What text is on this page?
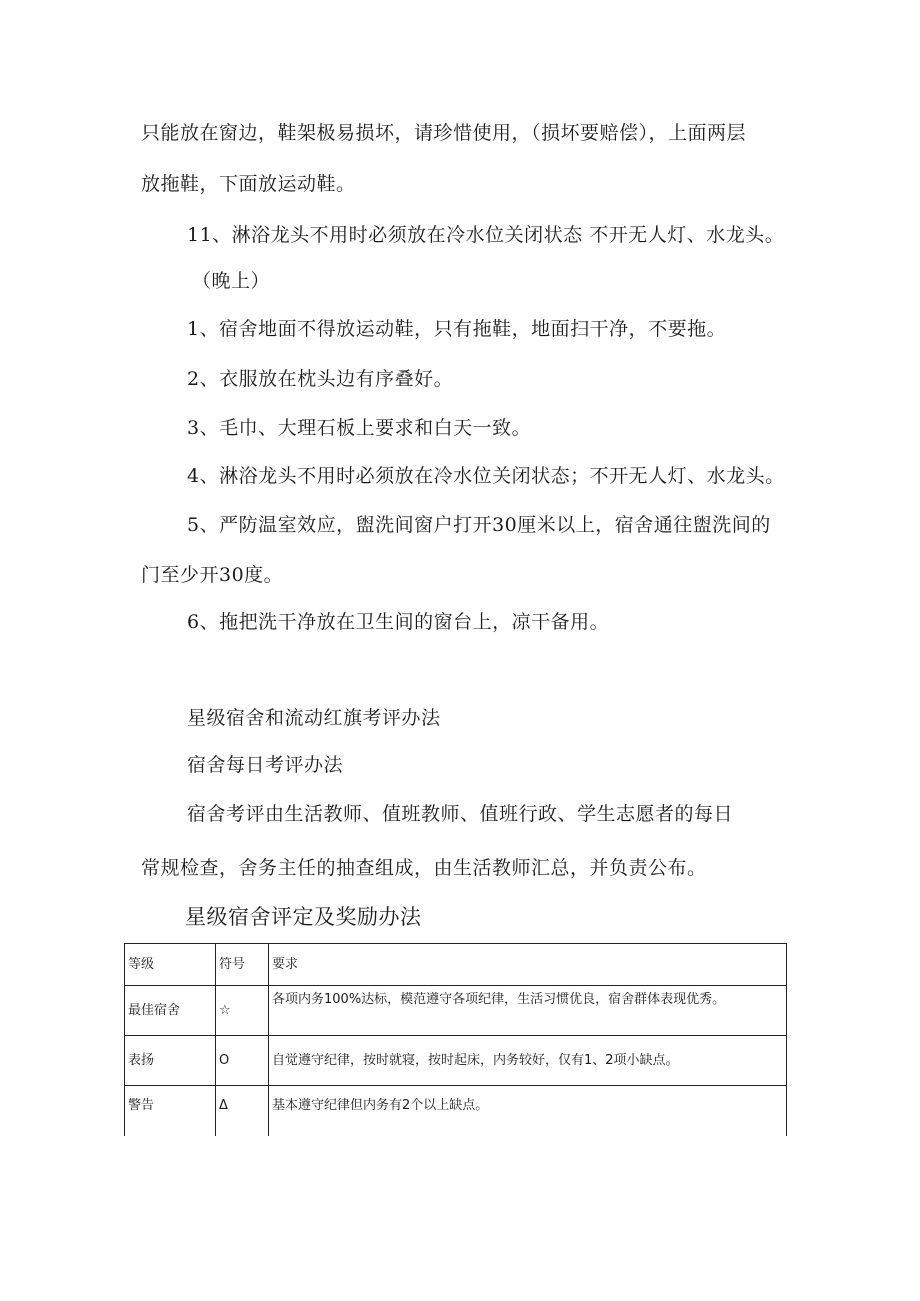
只能放在窗边，鞋架极易损坏，请珍惜使用，（损坏要赔偿），上面两层
放拖鞋，下面放运动鞋。
11、淋浴龙头不用时必须放在冷水位关闭状态 不开无人灯、水龙头。
（晚上）
1、宿舍地面不得放运动鞋，只有拖鞋，地面扫干净，不要拖。
2、衣服放在枕头边有序叠好。
3、毛巾、大理石板上要求和白天一致。
4、淋浴龙头不用时必须放在冷水位关闭状态；不开无人灯、水龙头。
5、严防温室效应，盥洗间窗户打开30厘米以上，宿舍通往盥洗间的
门至少开30度。
6、拖把洗干净放在卫生间的窗台上，凉干备用。
星级宿舍和流动红旗考评办法
宿舍每日考评办法
宿舍考评由生活教师、值班教师、值班行政、学生志愿者的每日
常规检查，舍务主任的抽查组成，由生活教师汇总，并负责公布。
星级宿舍评定及奖励办法
等级	符号	要求
最佳宿舍	☆	各项内务100%达标，模范遵守各项纪律，生活习惯优良，宿舍群体表现优秀。
表扬	O	自觉遵守纪律，按时就寝，按时起床，内务较好，仅有1、2项小缺点。
警告	Δ	基本遵守纪律但内务有2个以上缺点。
